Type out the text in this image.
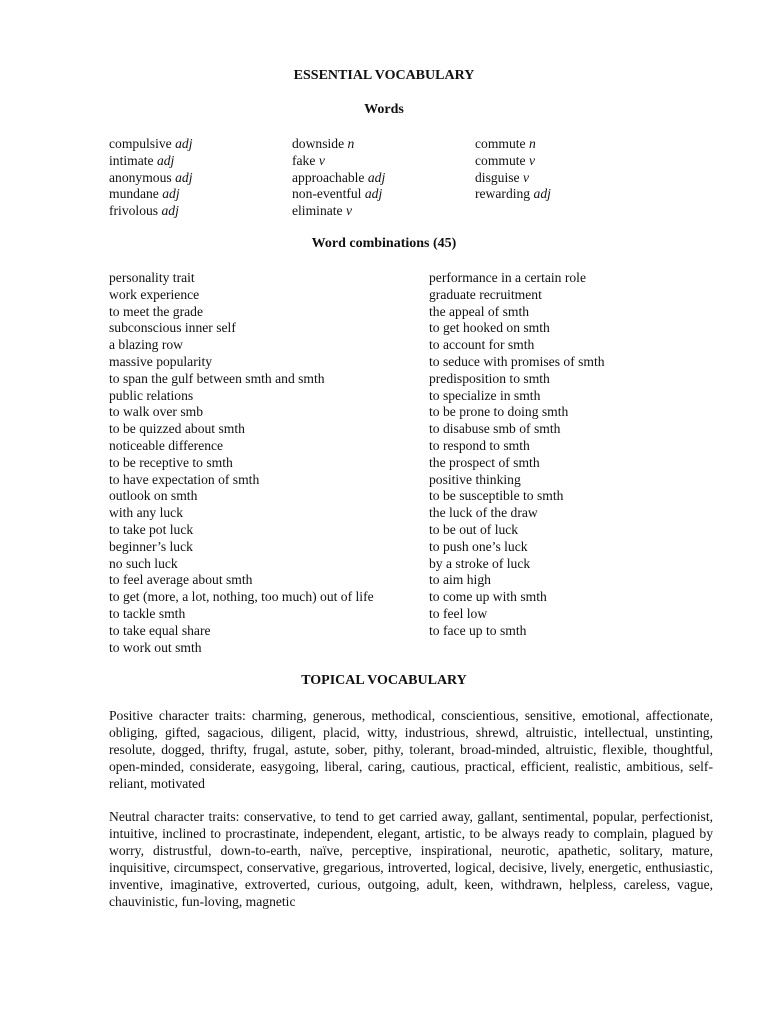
ESSENTIAL VOCABULARY
Words
compulsive adj
intimate adj
anonymous adj
mundane adj
frivolous adj
downside n
fake v
approachable adj
non-eventful adj
eliminate v
commute n
commute v
disguise v
rewarding adj
Word combinations (45)
personality trait
work experience
to meet the grade
subconscious inner self
a blazing row
massive popularity
to span the gulf between smth and smth
public relations
to walk over smb
to be quizzed about smth
noticeable difference
to be receptive to smth
to have expectation of smth
outlook on smth
with any luck
to take pot luck
beginner’s luck
no such luck
to feel average about smth
to get (more, a lot, nothing, too much) out of life
to tackle smth
to take equal share
to work out smth
performance in a certain role
graduate recruitment
the appeal of smth
to get hooked on smth
to account for smth
to seduce with promises of smth
predisposition to smth
to specialize in smth
to be prone to doing smth
to disabuse smb of smth
to respond to smth
the prospect of smth
positive thinking
to be susceptible to smth
the luck of the draw
to be out of luck
to push one’s luck
by a stroke of luck
to aim high
to come up with smth
to feel low
to face up to smth
TOPICAL VOCABULARY
Positive character traits: charming, generous, methodical, conscientious, sensitive, emotional, affectionate, obliging, gifted, sagacious, diligent, placid, witty, industrious, shrewd, altruistic, intellectual, unstinting, resolute, dogged, thrifty, frugal, astute, sober, pithy, tolerant, broad-minded, altruistic, flexible, thoughtful, open-minded, considerate, easygoing, liberal, caring, cautious, practical, efficient, realistic, ambitious, self-reliant, motivated
Neutral character traits: conservative, to tend to get carried away, gallant, sentimental, popular, perfectionist, intuitive, inclined to procrastinate, independent, elegant, artistic, to be always ready to complain, plagued by worry, distrustful, down-to-earth, naïve, perceptive, inspirational, neurotic, apathetic, solitary, mature, inquisitive, circumspect, conservative, gregarious, introverted, logical, decisive, lively, energetic, enthusiastic, inventive, imaginative, extroverted, curious, outgoing, adult, keen, withdrawn, helpless, careless, vague, chauvinistic, fun-loving, magnetic
